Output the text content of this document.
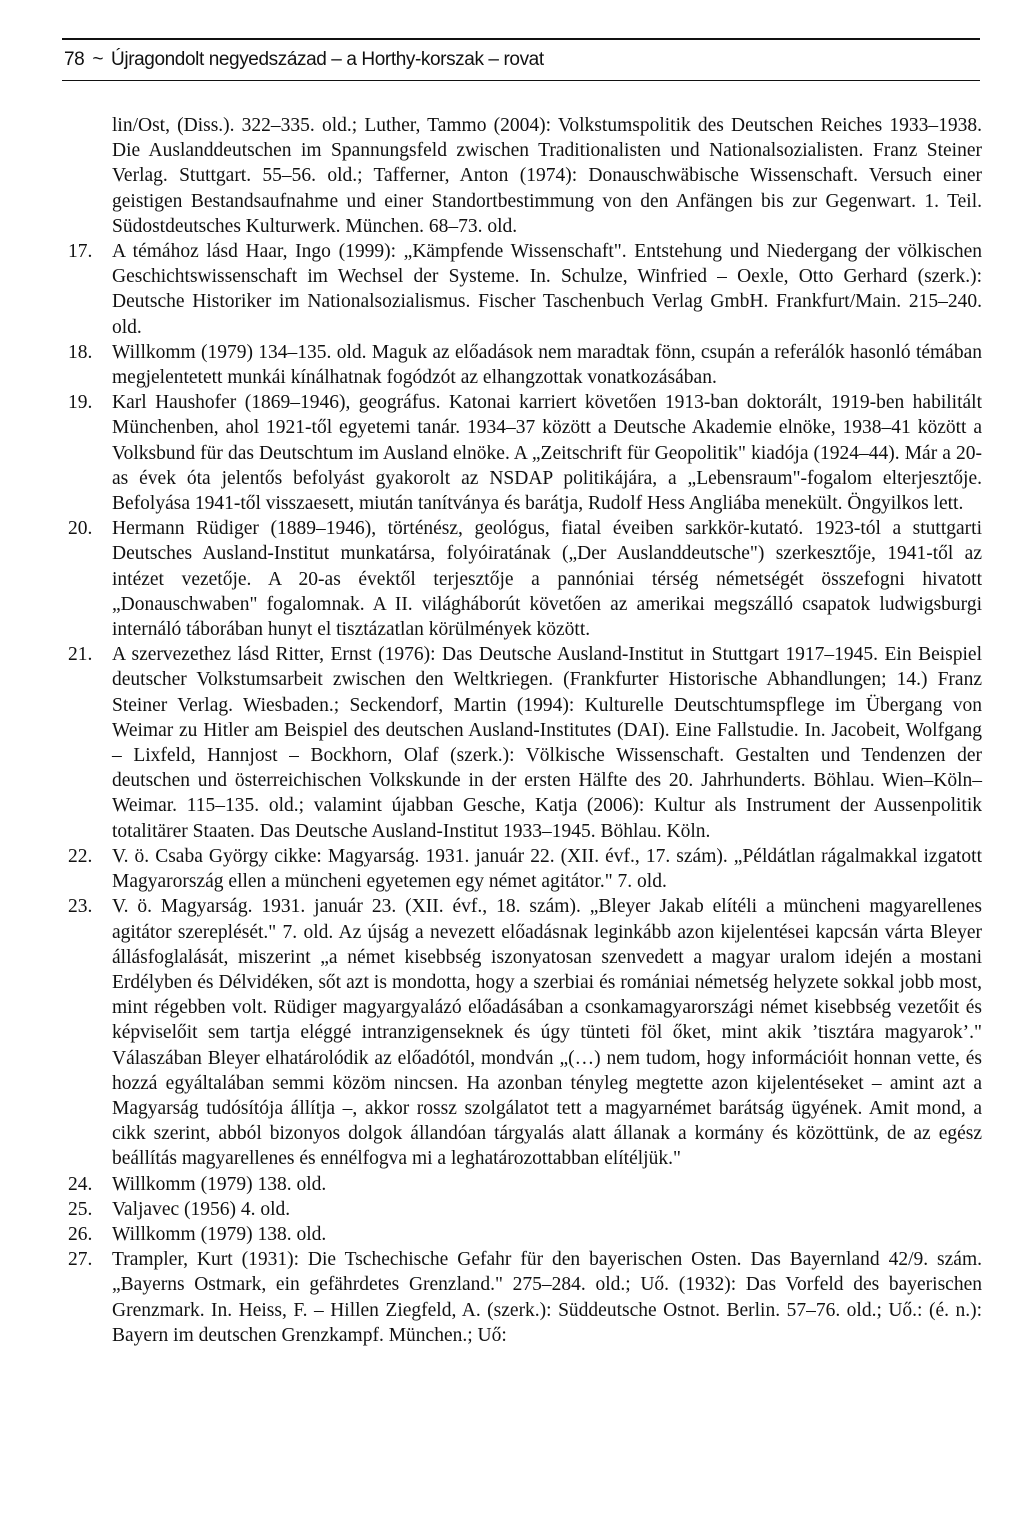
78 ~ Újragondolt negyedszázad – a Horthy-korszak – rovat
lin/Ost, (Diss.). 322–335. old.; Luther, Tammo (2004): Volkstumspolitik des Deutschen Reiches 1933–1938. Die Auslanddeutschen im Spannungsfeld zwischen Traditionalisten und Nationalsozialisten. Franz Steiner Verlag. Stuttgart. 55–56. old.; Tafferner, Anton (1974): Donauschwäbische Wissenschaft. Versuch einer geistigen Bestandsaufnahme und einer Standortbestimmung von den Anfängen bis zur Gegenwart. 1. Teil. Südostdeutsches Kulturwerk. München. 68–73. old.
17.	A témához lásd Haar, Ingo (1999): „Kämpfende Wissenschaft". Entstehung und Niedergang der völkischen Geschichtswissenschaft im Wechsel der Systeme. In. Schulze, Winfried – Oexle, Otto Gerhard (szerk.): Deutsche Historiker im Nationalsozialismus. Fischer Taschenbuch Verlag GmbH. Frankfurt/Main. 215–240. old.
18.	Willkomm (1979) 134–135. old. Maguk az előadások nem maradtak fönn, csupán a referálók hasonló témában megjelentetett munkái kínálhatnak fogódzót az elhangzottak vonatkozásában.
19.	Karl Haushofer (1869–1946), geográfus. Katonai karriert követően 1913-ban doktorált, 1919-ben habilitált Münchenben, ahol 1921-től egyetemi tanár. 1934–37 között a Deutsche Akademie elnöke, 1938–41 között a Volksbund für das Deutschtum im Ausland elnöke. A „Zeitschrift für Geopolitik" kiadója (1924–44). Már a 20-as évek óta jelentős befolyást gyakorolt az NSDAP politikájára, a „Lebensraum"-fogalom elterjesztője. Befolyása 1941-től visszaesett, miután tanítványa és barátja, Rudolf Hess Angliába menekült. Öngyilkos lett.
20.	Hermann Rüdiger (1889–1946), történész, geológus, fiatal éveiben sarkkör-kutató. 1923-tól a stuttgarti Deutsches Ausland-Institut munkatársa, folyóiratának („Der Auslanddeutsche") szerkesztője, 1941-től az intézet vezetője. A 20-as évektől terjesztője a pannóniai térség németségét összefogni hivatott „Donauschwaben" fogalomnak. A II. világháborút követően az amerikai megszálló csapatok ludwigsburgi internáló táborában hunyt el tisztázatlan körülmények között.
21.	A szervezethez lásd Ritter, Ernst (1976): Das Deutsche Ausland-Institut in Stuttgart 1917–1945. Ein Beispiel deutscher Volkstumsarbeit zwischen den Weltkriegen. (Frankfurter Historische Abhandlungen; 14.) Franz Steiner Verlag. Wiesbaden.; Seckendorf, Martin (1994): Kulturelle Deutschtumspflege im Übergang von Weimar zu Hitler am Beispiel des deutschen Ausland-Institutes (DAI). Eine Fallstudie. In. Jacobeit, Wolfgang – Lixfeld, Hannjost – Bockhorn, Olaf (szerk.): Völkische Wissenschaft. Gestalten und Tendenzen der deutschen und österreichischen Volkskunde in der ersten Hälfte des 20. Jahrhunderts. Böhlau. Wien–Köln–Weimar. 115–135. old.; valamint újabban Gesche, Katja (2006): Kultur als Instrument der Aussenpolitik totalitärer Staaten. Das Deutsche Ausland-Institut 1933–1945. Böhlau. Köln.
22.	V. ö. Csaba György cikke: Magyarság. 1931. január 22. (XII. évf., 17. szám). „Példátlan rágalmakkal izgatott Magyarország ellen a müncheni egyetemen egy német agitátor." 7. old.
23.	V. ö. Magyarság. 1931. január 23. (XII. évf., 18. szám). „Bleyer Jakab elítéli a müncheni magyarellenes agitátor szereplését." 7. old. Az újság a nevezett előadásnak leginkább azon kijelentései kapcsán várta Bleyer állásfoglalását, miszerint „a német kisebbség iszonyatosan szenvedett a magyar uralom idején a mostani Erdélyben és Délvidéken, sőt azt is mondotta, hogy a szerbiai és romániai németség helyzete sokkal jobb most, mint régebben volt. Rüdiger magyargyalázó előadásában a csonkamagyarországi német kisebbség vezetőit és képviselőit sem tartja eléggé intranzigenseknek és úgy tünteti föl őket, mint akik ’tisztára magyarok’." Válaszában Bleyer elhatárolódik az előadótól, mondván „(…) nem tudom, hogy információit honnan vette, és hozzá egyáltalában semmi közöm nincsen. Ha azonban tényleg megtette azon kijelentéseket – amint azt a Magyarság tudósítója állítja –, akkor rossz szolgálatot tett a magyarnémet barátság ügyének. Amit mond, a cikk szerint, abból bizonyos dolgok állandóan tárgyalás alatt állanak a kormány és közöttünk, de az egész beállítás magyarellenes és ennélfogva mi a leghatározottabban elítéljük."
24.	Willkomm (1979) 138. old.
25.	Valjavec (1956) 4. old.
26.	Willkomm (1979) 138. old.
27.	Trampler, Kurt (1931): Die Tschechische Gefahr für den bayerischen Osten. Das Bayernland 42/9. szám. „Bayerns Ostmark, ein gefährdetes Grenzland." 275–284. old.; Uő. (1932): Das Vorfeld des bayerischen Grenzmark. In. Heiss, F. – Hillen Ziegfeld, A. (szerk.): Süddeutsche Ostnot. Berlin. 57–76. old.; Uő.: (é. n.): Bayern im deutschen Grenzkampf. München.; Uő:
